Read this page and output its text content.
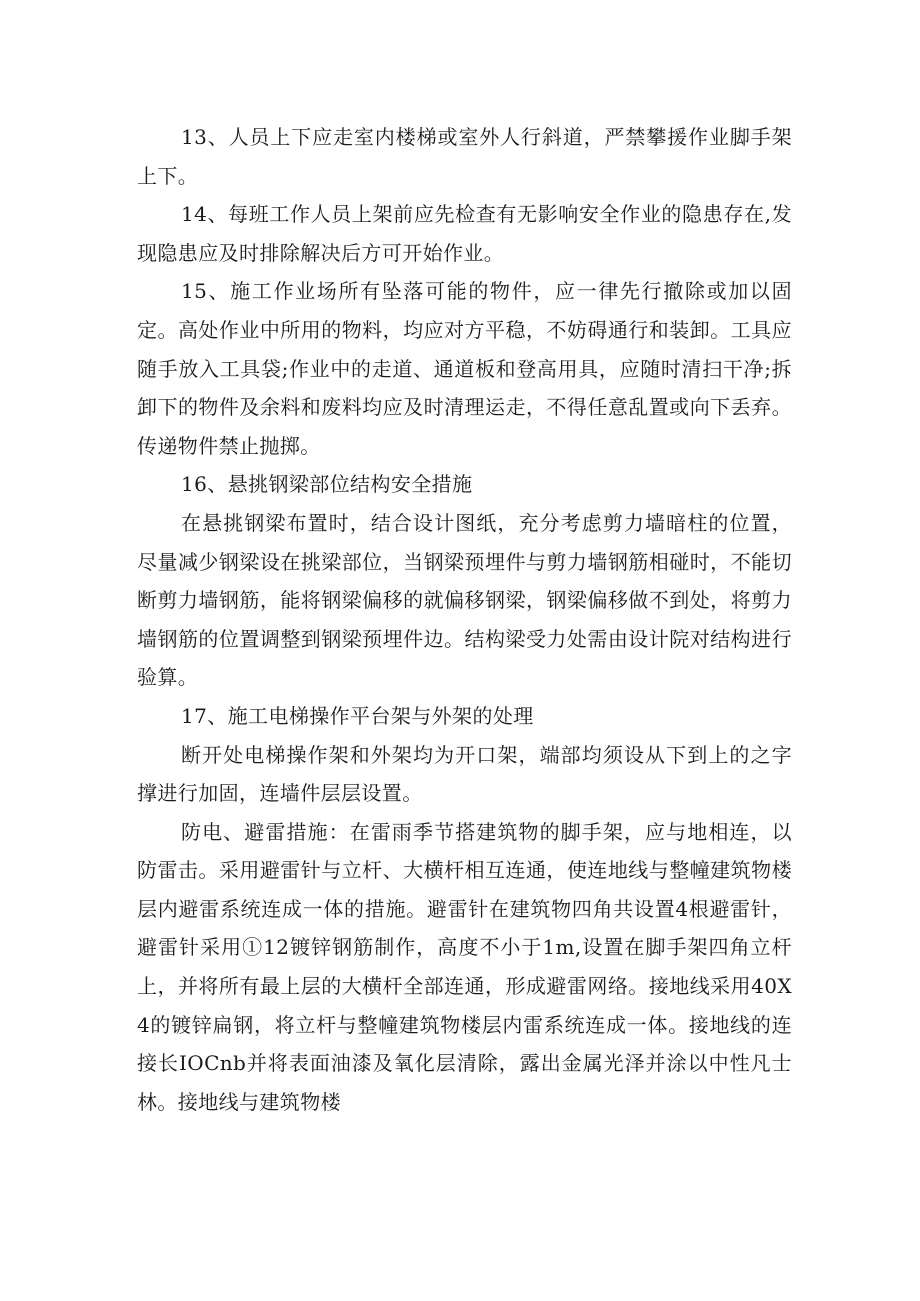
13、人员上下应走室内楼梯或室外人行斜道，严禁攀援作业脚手架上下。

14、每班工作人员上架前应先检查有无影响安全作业的隐患存在,发现隐患应及时排除解决后方可开始作业。

15、施工作业场所有坠落可能的物件，应一律先行撤除或加以固定。高处作业中所用的物料，均应对方平稳，不妨碍通行和装卸。工具应随手放入工具袋;作业中的走道、通道板和登高用具，应随时清扫干净;拆卸下的物件及余料和废料均应及时清理运走，不得任意乱置或向下丢弃。传递物件禁止抛掷。

16、悬挑钢梁部位结构安全措施

在悬挑钢梁布置时，结合设计图纸，充分考虑剪力墙暗柱的位置，尽量减少钢梁设在挑梁部位，当钢梁预埋件与剪力墙钢筋相碰时，不能切断剪力墙钢筋，能将钢梁偏移的就偏移钢梁，钢梁偏移做不到处，将剪力墙钢筋的位置调整到钢梁预埋件边。结构梁受力处需由设计院对结构进行验算。

17、施工电梯操作平台架与外架的处理

断开处电梯操作架和外架均为开口架，端部均须设从下到上的之字撑进行加固，连墙件层层设置。

防电、避雷措施：在雷雨季节搭建筑物的脚手架，应与地相连，以防雷击。采用避雷针与立杆、大横杆相互连通，使连地线与整幢建筑物楼层内避雷系统连成一体的措施。避雷针在建筑物四角共设置4根避雷针，避雷针采用①12镀锌钢筋制作，高度不小于1m,设置在脚手架四角立杆上，并将所有最上层的大横杆全部连通，形成避雷网络。接地线采用40X4的镀锌扁钢，将立杆与整幢建筑物楼层内雷系统连成一体。接地线的连接长IOCnb并将表面油漆及氧化层清除，露出金属光泽并涂以中性凡士林。接地线与建筑物楼
